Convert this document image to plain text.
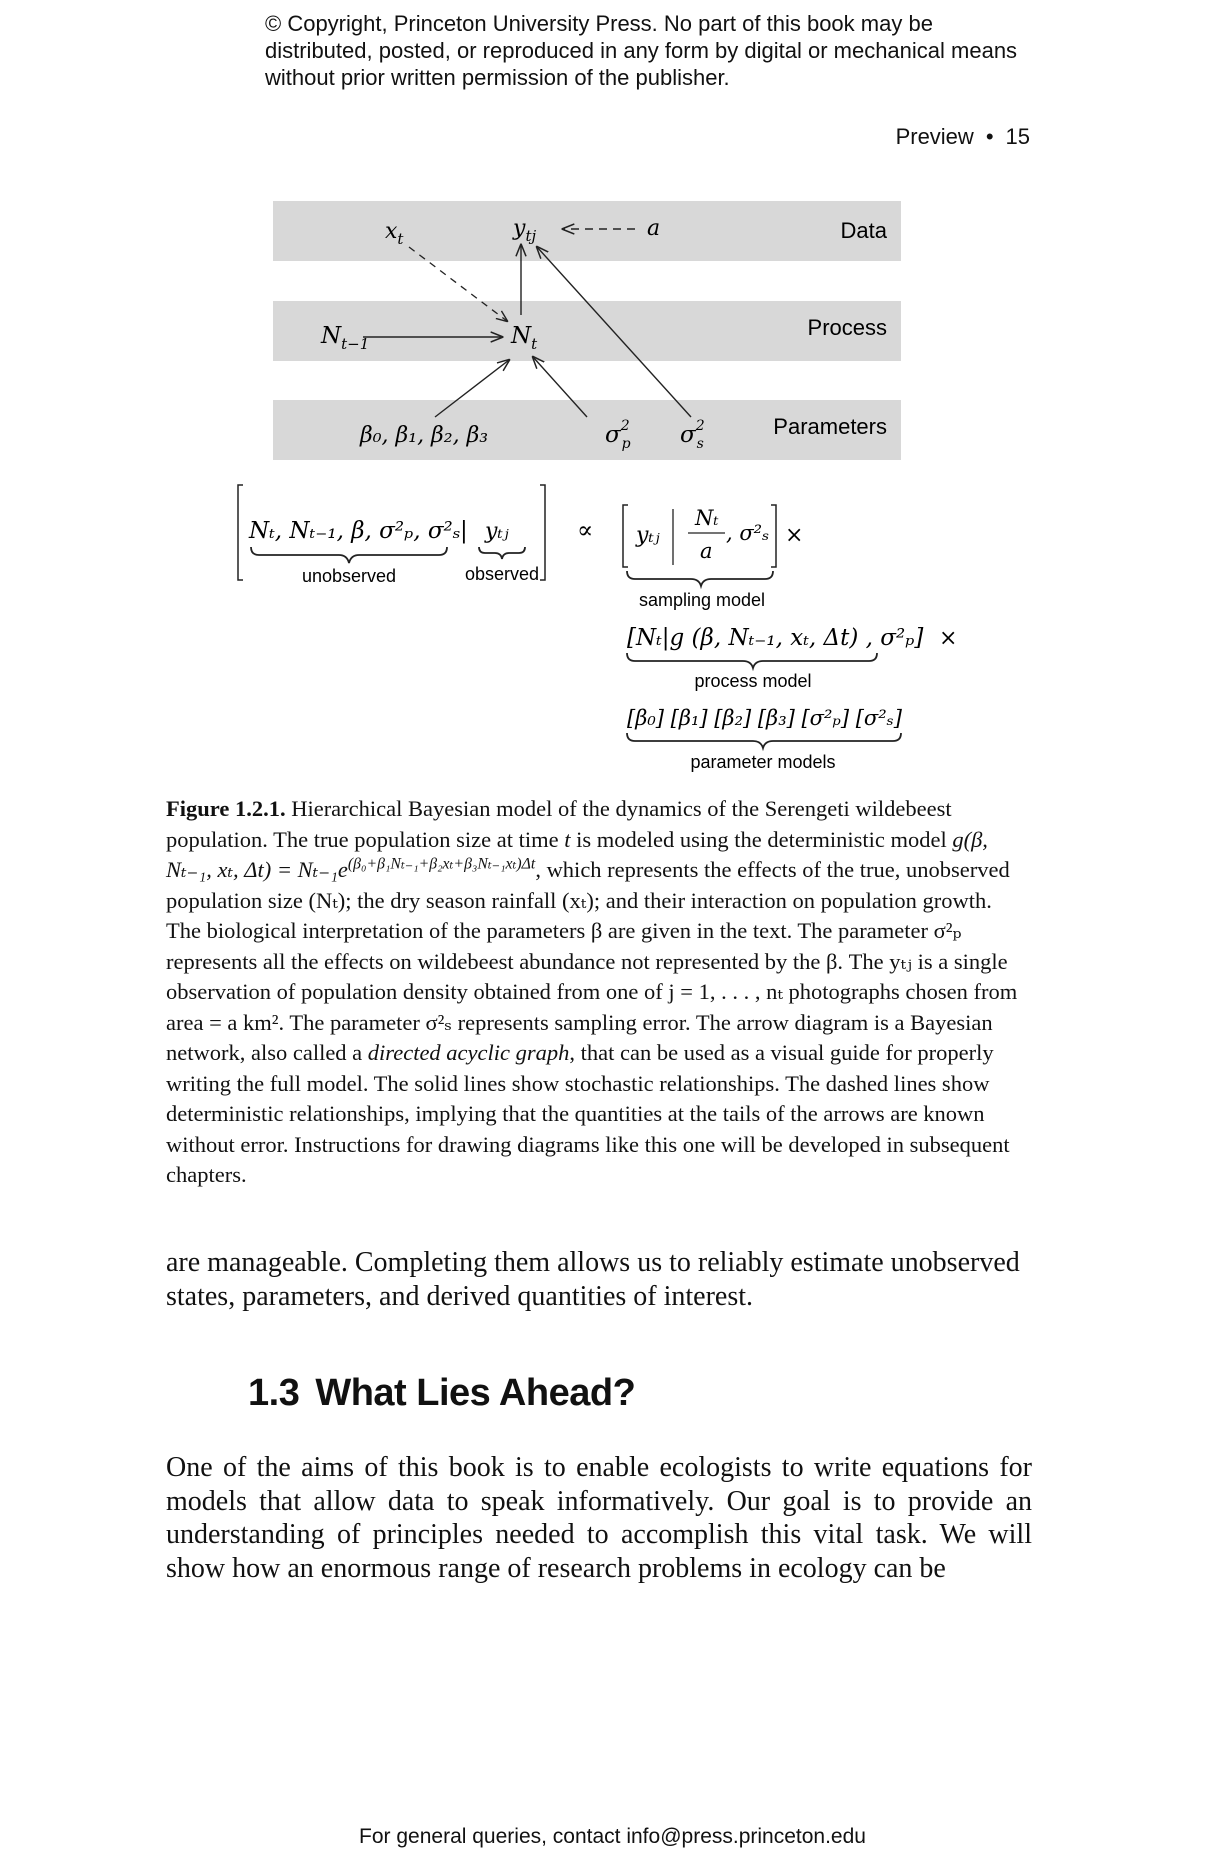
© Copyright, Princeton University Press. No part of this book may be distributed, posted, or reproduced in any form by digital or mechanical means without prior written permission of the publisher.
Preview • 15
Data
Process
Parameters
$x_t$	$y_{tj}$	a
$N_t$
$N_{t-1}$
β₀, β₁, β₂, β₃	$\sigma^2$ p $\sigma^2$ s
Nₜ, Nₜ₋₁, β, σ²ₚ, σ²ₛ | yₜⱼ
unobserved	observed
∝ yₜⱼ
Nₜ
a
, σ²ₛ ×
sampling model
[Nₜ|g (β, Nₜ₋₁, xₜ, Δt) , σ²ₚ] ×
process model
[β₀] [β₁] [β₂] [β₃] [σ²ₚ] [σ²ₛ]
parameter models
Figure 1.2.1. Hierarchical Bayesian model of the dynamics of the Serengeti wildebeest population. The true population size at time t is modeled using the deterministic model g(β, Nₜ₋₁, xₜ, $\Delta t) = N_{t-1}e^{(\beta_0+\beta_1N_{t-1}+\beta_2x_t+\beta_3N_{t-1}x_t)\Delta t}$, which represents the effects of the true, unobserved population size (Nₜ); the dry season rainfall (xₜ); and their interaction on population growth. The biological interpretation of the parameters β are given in the text. The parameter σ²ₚ represents all the effects on wildebeest abundance not represented by the β. The yₜⱼ is a single observation of population density obtained from one of j = 1, . . . , nₜ photographs chosen from area = a km². The parameter σ²ₛ represents sampling error. The arrow diagram is a Bayesian network, also called a directed acyclic graph, that can be used as a visual guide for properly writing the full model. The solid lines show stochastic relationships. The dashed lines show deterministic relationships, implying that the quantities at the tails of the arrows are known without error. Instructions for drawing diagrams like this one will be developed in subsequent chapters.
are manageable. Completing them allows us to reliably estimate unobserved states, parameters, and derived quantities of interest.
1.3 What Lies Ahead?
One of the aims of this book is to enable ecologists to write equations for models that allow data to speak informatively. Our goal is to provide an understanding of principles needed to accomplish this vital task. We will show how an enormous range of research problems in ecology can be
For general queries, contact info@press.princeton.edu
